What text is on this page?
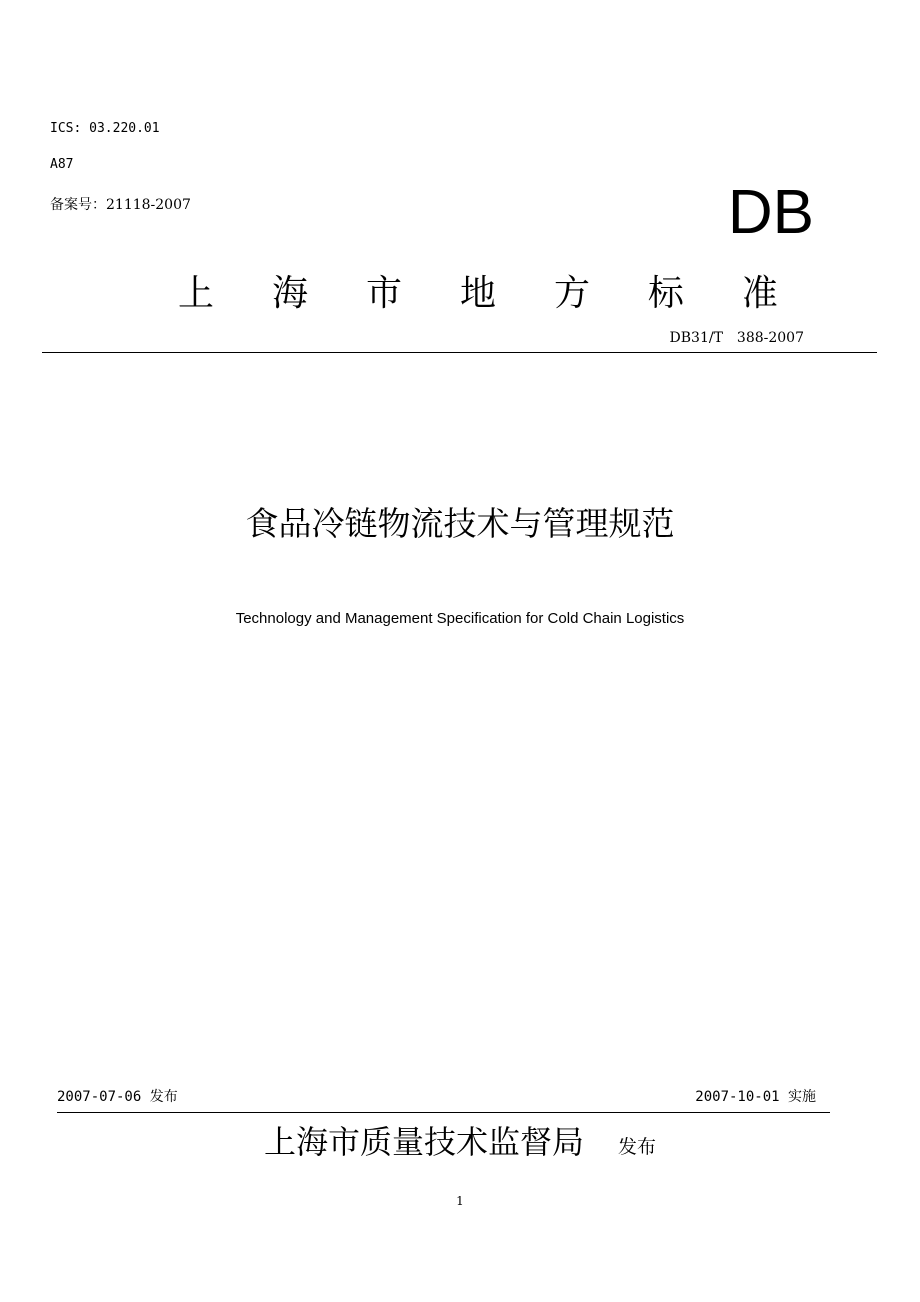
ICS: 03.220.01
A87
备案号：21118-2007	DB
上 海 市 地 方 标 准
DB31/T　388-2007
食品冷链物流技术与管理规范
Technology and Management Specification for Cold Chain Logistics
2007-07-06 发布	2007-10-01 实施
上海市质量技术监督局 发布
1
